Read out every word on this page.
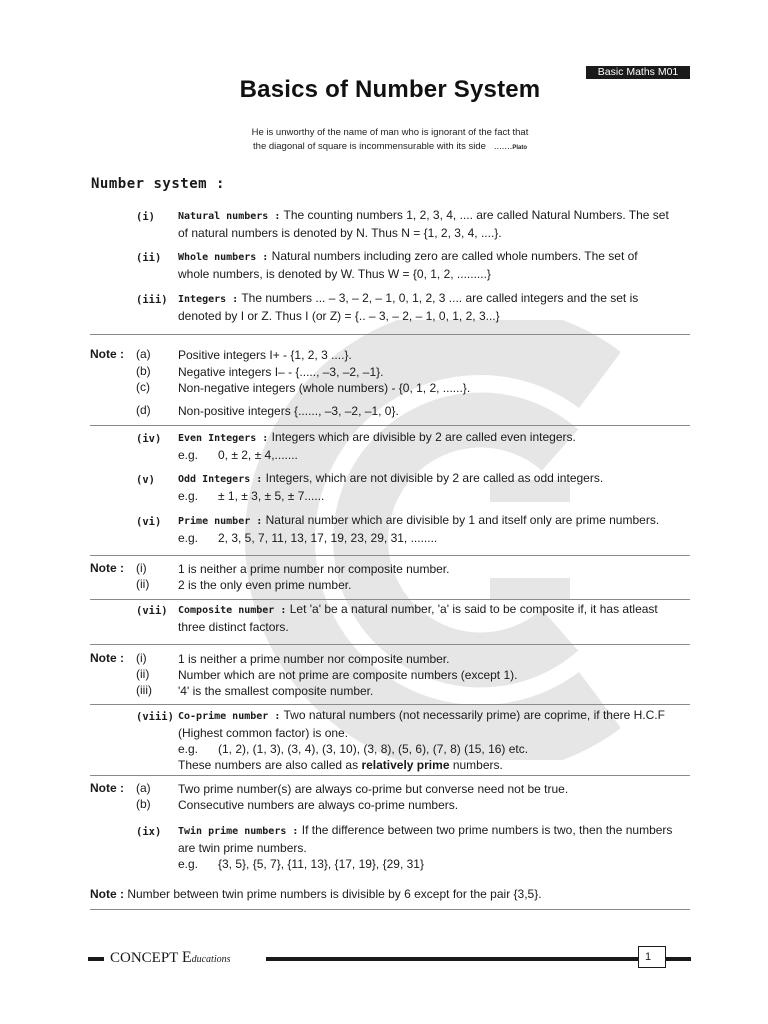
Basic Maths M01
Basics of Number System
He is unworthy of the name of man who is ignorant of the fact that
the diagonal of square is incommensurable with its side .......Plato
Number system :
(i) Natural numbers : The counting numbers 1, 2, 3, 4, .... are called Natural Numbers. The set
of natural numbers is denoted by N. Thus N = {1, 2, 3, 4, ....}.
(ii) Whole numbers : Natural numbers including zero are called whole numbers. The set of
whole numbers, is denoted by W. Thus W = {0, 1, 2, .........}
(iii) Integers : The numbers ... – 3, – 2, – 1, 0, 1, 2, 3 .... are called integers and the set is
denoted by I or Z. Thus I (or Z) = {.. – 3, – 2, – 1, 0, 1, 2, 3...}
Note : (a) Positive integers I+ - {1, 2, 3 ....}.
(b) Negative integers I– - {....., –3, –2, –1}.
(c) Non-negative integers (whole numbers) - {0, 1, 2, ......}.
(d) Non-positive integers {......, –3, –2, –1, 0}.
(iv) Even Integers : Integers which are divisible by 2 are called even integers.
e.g. 0, ± 2, ± 4,.......
(v) Odd Integers : Integers, which are not divisible by 2 are called as odd integers.
e.g. ± 1, ± 3, ± 5, ± 7......
(vi) Prime number : Natural number which are divisible by 1 and itself only are prime numbers.
e.g. 2, 3, 5, 7, 11, 13, 17, 19, 23, 29, 31, ........
Note : (i)	1 is neither a prime number nor composite number.
(ii) 2 is the only even prime number.
(vii) Composite number : Let 'a' be a natural number, 'a' is said to be composite if, it has atleast
three distinct factors.
Note : (i)	1 is neither a prime number nor composite number.
(ii) Number which are not prime are composite numbers (except 1).
(iii) '4' is the smallest composite number.
(viii) Co-prime number : Two natural numbers (not necessarily prime) are coprime, if there H.C.F
(Highest common factor) is one.
e.g. (1, 2), (1, 3), (3, 4), (3, 10), (3, 8), (5, 6), (7, 8) (15, 16) etc.
These numbers are also called as relatively prime numbers.
Note : (a) Two prime number(s) are always co-prime but converse need not be true.
(b) Consecutive numbers are always co-prime numbers.
(ix) Twin prime numbers : If the difference between two prime numbers is two, then the numbers
are twin prime numbers.
e.g. {3, 5}, {5, 7}, {11, 13}, {17, 19}, {29, 31}
Note : Number between twin prime numbers is divisible by 6 except for the pair {3,5}.
CONCEPT Educations	1
